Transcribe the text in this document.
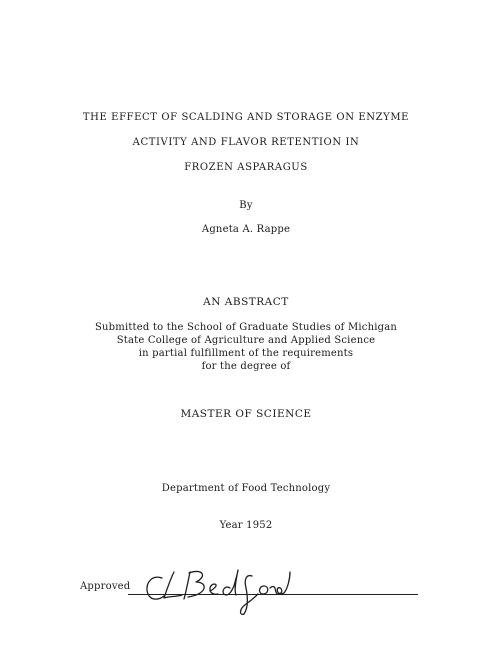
THE EFFECT OF SCALDING AND STORAGE ON ENZYME
ACTIVITY AND FLAVOR RETENTION IN
FROZEN ASPARAGUS
By
Agneta A. Rappe
AN ABSTRACT
Submitted to the School of Graduate Studies of Michigan
State College of Agriculture and Applied Science
in partial fulfillment of the requirements
for the degree of
MASTER OF SCIENCE
Department of Food Technology
Year 1952
Approved
